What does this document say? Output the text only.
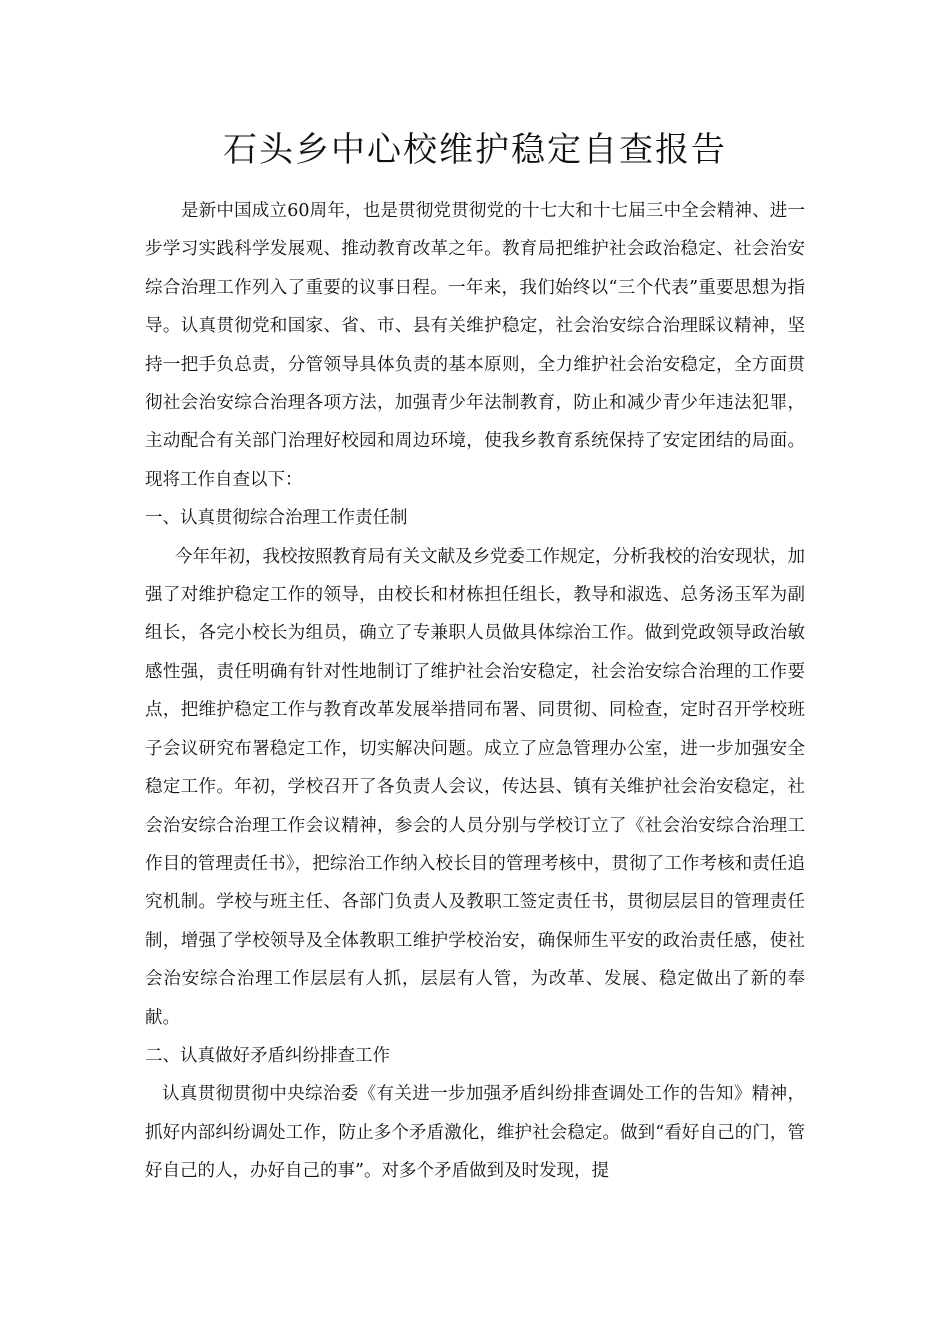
石头乡中心校维护稳定自查报告

是新中国成立60周年，也是贯彻党贯彻党的十七大和十七届三中全会精神、进一步学习实践科学发展观、推动教育改革之年。教育局把维护社会政治稳定、社会治安综合治理工作列入了重要的议事日程。一年来，我们始终以“三个代表”重要思想为指导。认真贯彻党和国家、省、市、县有关维护稳定，社会治安综合治理睬议精神，坚持一把手负总责，分管领导具体负责的基本原则，全力维护社会治安稳定，全方面贯彻社会治安综合治理各项方法，加强青少年法制教育，防止和减少青少年违法犯罪，主动配合有关部门治理好校园和周边环境，使我乡教育系统保持了安定团结的局面。现将工作自查以下：

一、认真贯彻综合治理工作责任制

今年年初，我校按照教育局有关文献及乡党委工作规定，分析我校的治安现状，加强了对维护稳定工作的领导，由校长和材栋担任组长，教导和淑选、总务汤玉军为副组长，各完小校长为组员，确立了专兼职人员做具体综治工作。做到党政领导政治敏感性强，责任明确有针对性地制订了维护社会治安稳定，社会治安综合治理的工作要点，把维护稳定工作与教育改革发展举措同布署、同贯彻、同检查，定时召开学校班子会议研究布署稳定工作，切实解决问题。成立了应急管理办公室，进一步加强安全稳定工作。年初，学校召开了各负责人会议，传达县、镇有关维护社会治安稳定，社会治安综合治理工作会议精神，参会的人员分别与学校订立了《社会治安综合治理工作目的管理责任书》，把综治工作纳入校长目的管理考核中，贯彻了工作考核和责任追究机制。学校与班主任、各部门负责人及教职工签定责任书，贯彻层层目的管理责任制，增强了学校领导及全体教职工维护学校治安，确保师生平安的政治责任感，使社会治安综合治理工作层层有人抓，层层有人管，为改革、发展、稳定做出了新的奉献。

二、认真做好矛盾纠纷排查工作

认真贯彻贯彻中央综治委《有关进一步加强矛盾纠纷排查调处工作的告知》精神，抓好内部纠纷调处工作，防止多个矛盾激化，维护社会稳定。做到“看好自己的门，管好自己的人，办好自己的事”。对多个矛盾做到及时发现，提
